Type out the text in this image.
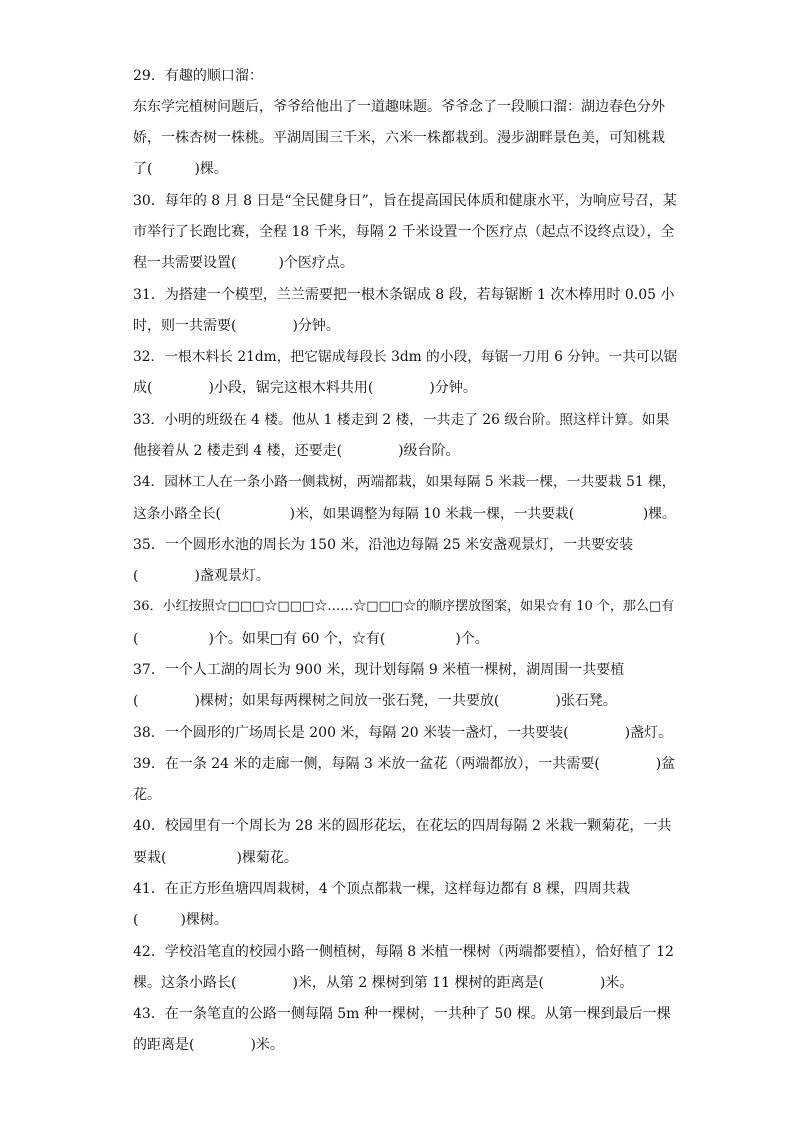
29．有趣的顺口溜：
东东学完植树问题后，爷爷给他出了一道趣味题。爷爷念了一段顺口溜：湖边春色分外
娇，一株杏树一株桃。平湖周围三千米，六米一株都栽到。漫步湖畔景色美，可知桃栽
了(　　　)棵。
30．每年的 8 月 8 日是“全民健身日”，旨在提高国民体质和健康水平，为响应号召，某
市举行了长跑比赛，全程 18 千米，每隔 2 千米设置一个医疗点（起点不设终点设），全
程一共需要设置(　　　)个医疗点。
31．为搭建一个模型，兰兰需要把一根木条锯成 8 段，若每锯断 1 次木棒用时 0.05 小
时，则一共需要(　　　　)分钟。
32．一根木料长 21dm，把它锯成每段长 3dm 的小段，每锯一刀用 6 分钟。一共可以锯
成(　　　　)小段，锯完这根木料共用(　　　　)分钟。
33．小明的班级在 4 楼。他从 1 楼走到 2 楼，一共走了 26 级台阶。照这样计算。如果
他接着从 2 楼走到 4 楼，还要走(　　　　)级台阶。
34．园林工人在一条小路一侧栽树，两端都栽，如果每隔 5 米栽一棵，一共要栽 51 棵，
这条小路全长(　　　　　)米，如果调整为每隔 10 米栽一棵，一共要栽(　　　　　)棵。
35．一个圆形水池的周长为 150 米，沿池边每隔 25 米安盏观景灯，一共要安装
(　　　　)盏观景灯。
36．小红按照☆□□□☆□□□☆……☆□□□☆的顺序摆放图案，如果☆有 10 个，那么□有
(　　　　　)个。如果□有 60 个，☆有(　　　　　)个。
37．一个人工湖的周长为 900 米，现计划每隔 9 米植一棵树，湖周围一共要植
(　　　　)棵树；如果每两棵树之间放一张石凳，一共要放(　　　　)张石凳。
38．一个圆形的广场周长是 200 米，每隔 20 米装一盏灯，一共要装(　　　　)盏灯。
39．在一条 24 米的走廊一侧，每隔 3 米放一盆花（两端都放），一共需要(　　　　)盆
花。
40．校园里有一个周长为 28 米的圆形花坛，在花坛的四周每隔 2 米栽一颗菊花，一共
要栽(　　　　　)棵菊花。
41．在正方形鱼塘四周栽树，4 个顶点都栽一棵，这样每边都有 8 棵，四周共栽
(　　　)棵树。
42．学校沿笔直的校园小路一侧植树，每隔 8 米植一棵树（两端都要植），恰好植了 12
棵。这条小路长(　　　　)米，从第 2 棵树到第 11 棵树的距离是(　　　　)米。
43．在一条笔直的公路一侧每隔 5m 种一棵树，一共种了 50 棵。从第一棵到最后一棵
的距离是(　　　　)米。
